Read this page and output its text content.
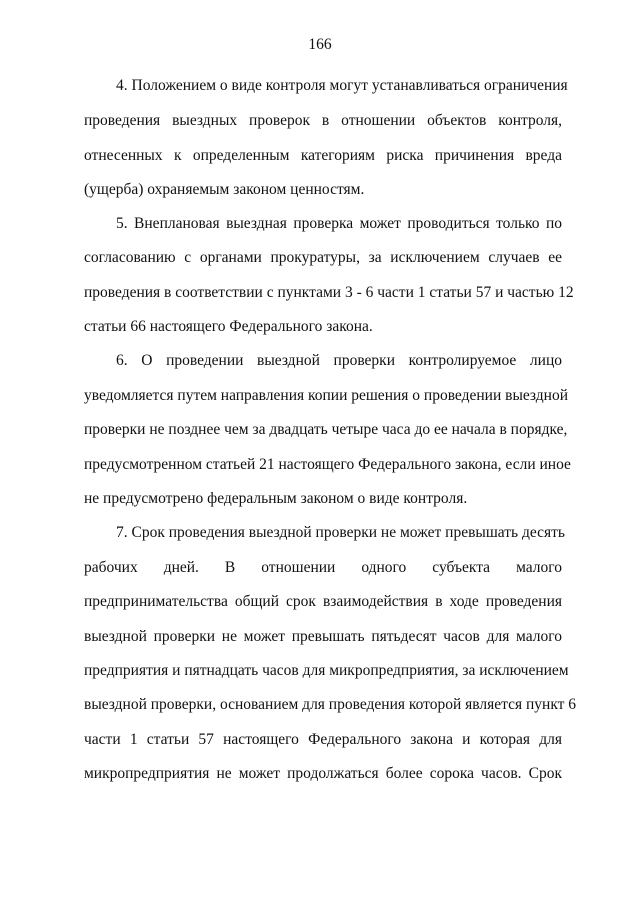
166
4. Положением о виде контроля могут устанавливаться ограничения
проведения выездных проверок в отношении объектов контроля,
отнесенных к определенным категориям риска причинения вреда
(ущерба) охраняемым законом ценностям.
5. Внеплановая выездная проверка может проводиться только по
согласованию с органами прокуратуры, за исключением случаев ее
проведения в соответствии с пунктами 3 - 6 части 1 статьи 57 и частью 12
статьи 66 настоящего Федерального закона.
6. О проведении выездной проверки контролируемое лицо
уведомляется путем направления копии решения о проведении выездной
проверки не позднее чем за двадцать четыре часа до ее начала в порядке,
предусмотренном статьей 21 настоящего Федерального закона, если иное
не предусмотрено федеральным законом о виде контроля.
7. Срок проведения выездной проверки не может превышать десять
рабочих дней. В отношении одного субъекта малого
предпринимательства общий срок взаимодействия в ходе проведения
выездной проверки не может превышать пятьдесят часов для малого
предприятия и пятнадцать часов для микропредприятия, за исключением
выездной проверки, основанием для проведения которой является пункт 6
части 1 статьи 57 настоящего Федерального закона и которая для
микропредприятия не может продолжаться более сорока часов. Срок
